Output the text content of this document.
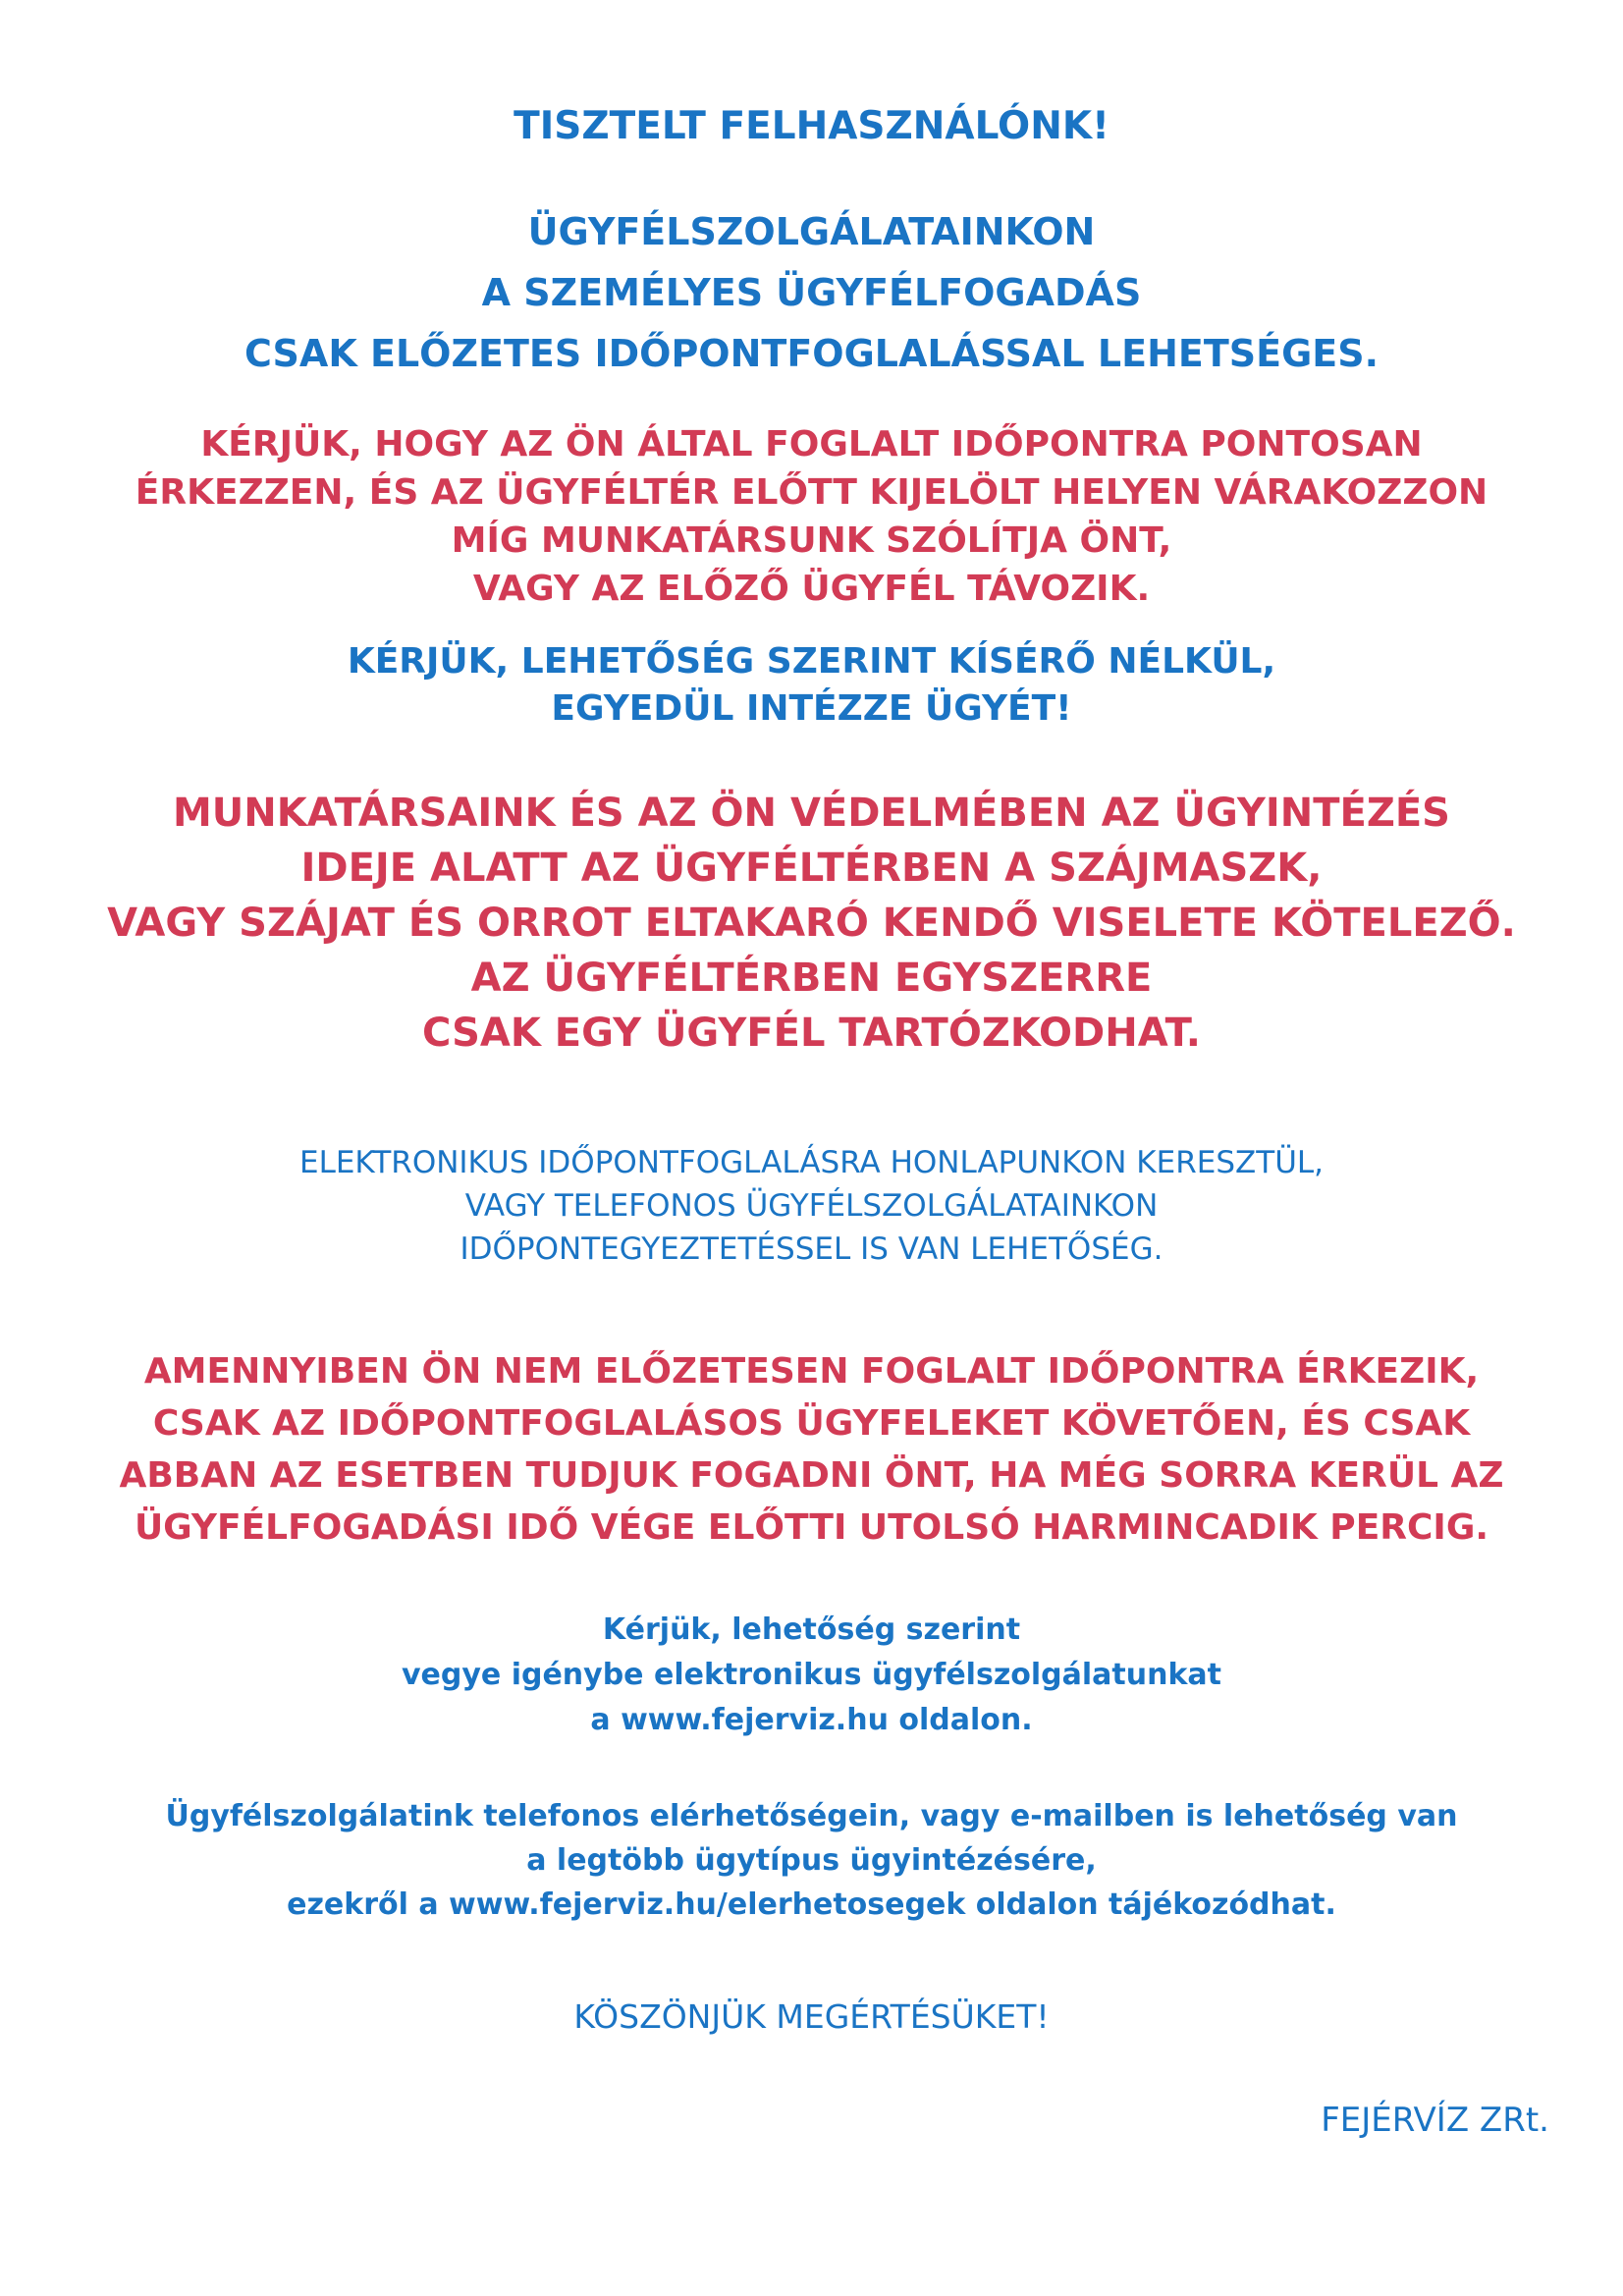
TISZTELT FELHASZNÁLÓNK!
ÜGYFÉLSZOLGÁLATAINKON
A SZEMÉLYES ÜGYFÉLFOGADÁS
CSAK ELŐZETES IDŐPONTFOGLALÁSSAL LEHETSÉGES.
KÉRJÜK, HOGY AZ ÖN ÁLTAL FOGLALT IDŐPONTRA PONTOSAN
ÉRKEZZEN, ÉS AZ ÜGYFÉLTÉR ELŐTT KIJELÖLT HELYEN VÁRAKOZZON
MÍG MUNKATÁRSUNK SZÓLÍTJA ÖNT,
VAGY AZ ELŐZŐ ÜGYFÉL TÁVOZIK.
KÉRJÜK, LEHETŐSÉG SZERINT KÍSÉRŐ NÉLKÜL,
EGYEDÜL INTÉZZE ÜGYÉT!
MUNKATÁRSAINK ÉS AZ ÖN VÉDELMÉBEN AZ ÜGYINTÉZÉS
IDEJE ALATT AZ ÜGYFÉLTÉRBEN A SZÁJMASZK,
VAGY SZÁJAT ÉS ORROT ELTAKARÓ KENDŐ VISELETE KÖTELEZŐ.
AZ ÜGYFÉLTÉRBEN EGYSZERRE
CSAK EGY ÜGYFÉL TARTÓZKODHAT.
ELEKTRONIKUS IDŐPONTFOGLALÁSRA HONLAPUNKON KERESZTÜL,
VAGY TELEFONOS ÜGYFÉLSZOLGÁLATAINKON
IDŐPONTEGYEZTETÉSSEL IS VAN LEHETŐSÉG.
AMENNYIBEN ÖN NEM ELŐZETESEN FOGLALT IDŐPONTRA ÉRKEZIK,
CSAK AZ IDŐPONTFOGLALÁSOS ÜGYFELEKET KÖVETŐEN, ÉS CSAK
ABBAN AZ ESETBEN TUDJUK FOGADNI ÖNT, HA MÉG SORRA KERÜL AZ
ÜGYFÉLFOGADÁSI IDŐ VÉGE ELŐTTI UTOLSÓ HARMINCADIK PERCIG.
Kérjük, lehetőség szerint
vegye igénybe elektronikus ügyfélszolgálatunkat
a www.fejerviz.hu oldalon.
Ügyfélszolgálatink telefonos elérhetőségein, vagy e-mailben is lehetőség van
a legtöbb ügytípus ügyintézésére,
ezekről a www.fejerviz.hu/elerhetosegek oldalon tájékozódhat.
KÖSZÖNJÜK MEGÉRTÉSÜKET!
FEJÉRVÍZ ZRt.
